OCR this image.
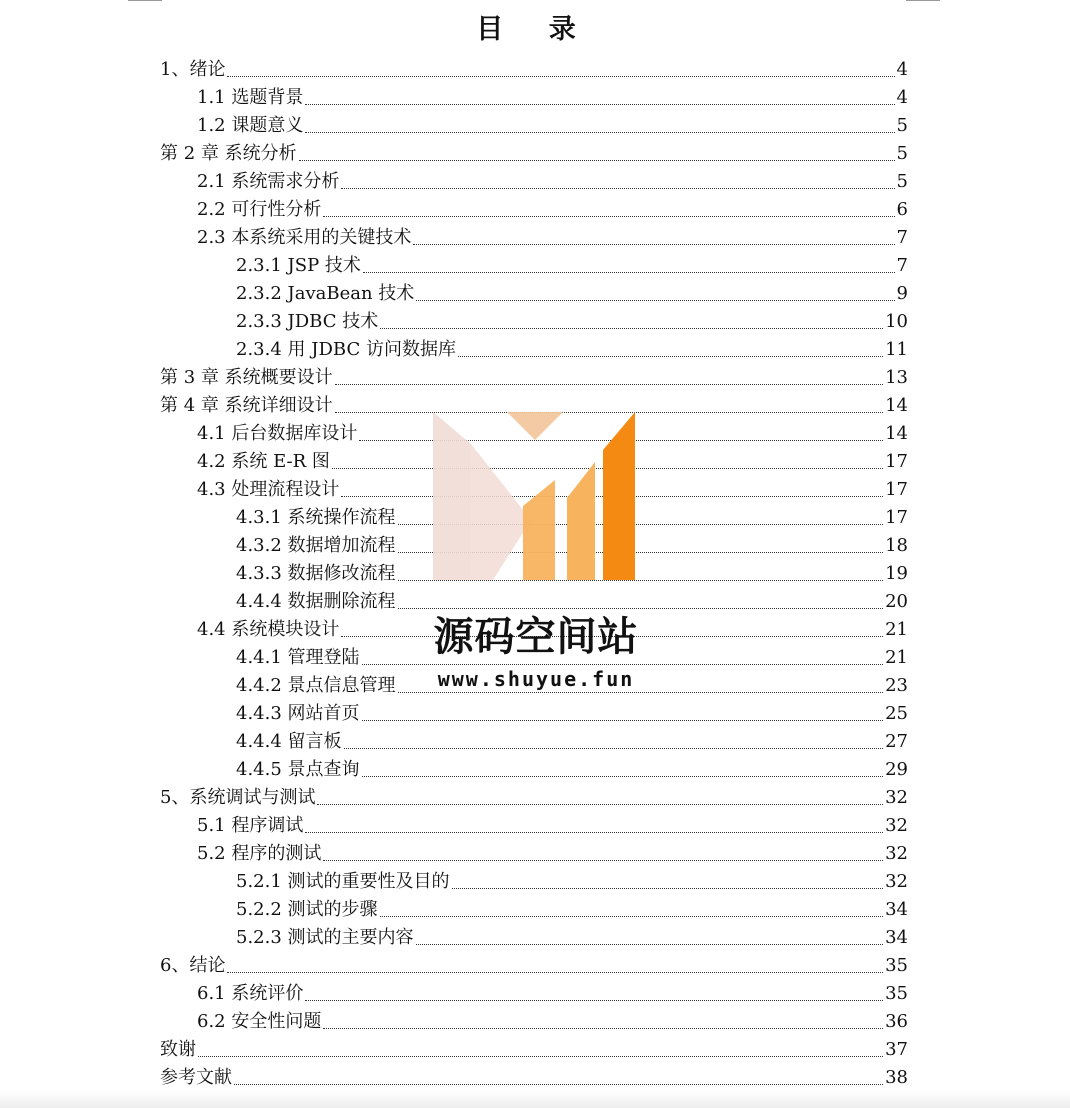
目 录
1、绪论	4
1.1 选题背景	4
1.2 课题意义	5
第 2 章 系统分析	5
2.1 系统需求分析	5
2.2 可行性分析	6
2.3 本系统采用的关键技术	7
2.3.1 JSP 技术	7
2.3.2 JavaBean 技术	9
2.3.3 JDBC 技术	10
2.3.4 用 JDBC 访问数据库	11
第 3 章 系统概要设计	13
第 4 章 系统详细设计	14
4.1 后台数据库设计	14
4.2 系统 E-R 图	17
4.3 处理流程设计	17
4.3.1 系统操作流程	17
4.3.2 数据增加流程	18
4.3.3 数据修改流程	19
4.4.4 数据删除流程	20
4.4 系统模块设计	21
4.4.1 管理登陆	21
4.4.2 景点信息管理	23
4.4.3 网站首页	25
4.4.4 留言板	27
4.4.5 景点查询	29
5、系统调试与测试	32
5.1 程序调试	32
5.2 程序的测试	32
5.2.1 测试的重要性及目的	32
5.2.2 测试的步骤	34
5.2.3 测试的主要内容	34
6、结论	35
6.1 系统评价	35
6.2 安全性问题	36
致谢	37
参考文献	38
源码空间站
www.shuyue.fun
